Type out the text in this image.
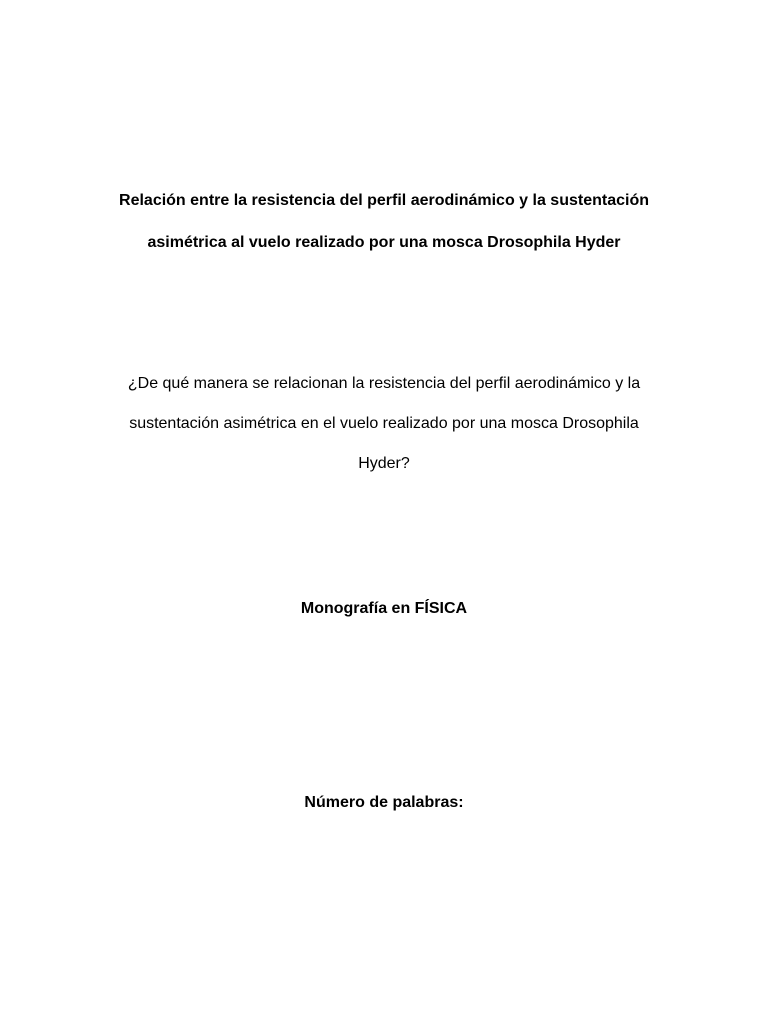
Relación entre la resistencia del perfil aerodinámico y la sustentación
asimétrica al vuelo realizado por una mosca Drosophila Hyder
¿De qué manera se relacionan la resistencia del perfil aerodinámico y la
sustentación asimétrica en el vuelo realizado por una mosca Drosophila
Hyder?
Monografía en FÍSICA
Número de palabras:
